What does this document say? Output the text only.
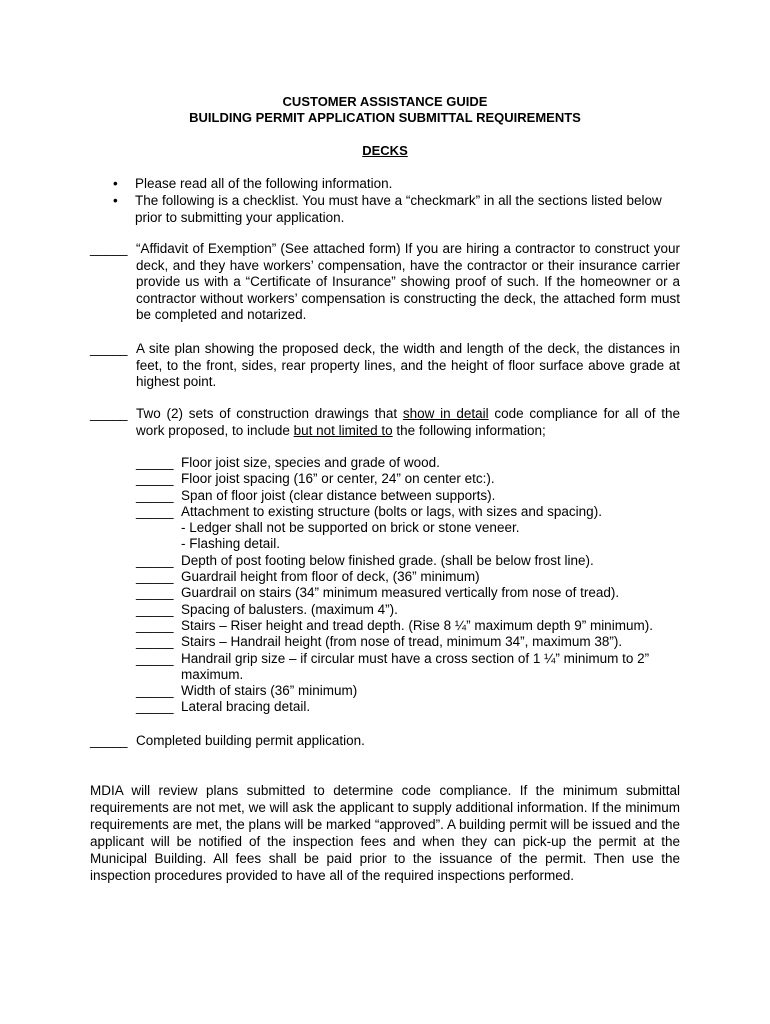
CUSTOMER ASSISTANCE GUIDE
BUILDING PERMIT APPLICATION SUBMITTAL REQUIREMENTS
DECKS
•	Please read all of the following information.
•	The following is a checklist. You must have a “checkmark” in all the sections listed below prior to submitting your application.
_____ “Affidavit of Exemption” (See attached form) If you are hiring a contractor to construct your deck, and they have workers’ compensation, have the contractor or their insurance carrier provide us with a “Certificate of Insurance” showing proof of such. If the homeowner or a contractor without workers’ compensation is constructing the deck, the attached form must be completed and notarized.
_____ A site plan showing the proposed deck, the width and length of the deck, the distances in feet, to the front, sides, rear property lines, and the height of floor surface above grade at highest point.
_____ Two (2) sets of construction drawings that show in detail code compliance for all of the work proposed, to include but not limited to the following information;
_____ Floor joist size, species and grade of wood.
_____ Floor joist spacing (16” or center, 24” on center etc:).
_____ Span of floor joist (clear distance between supports).
_____ Attachment to existing structure (bolts or lags, with sizes and spacing).
- Ledger shall not be supported on brick or stone veneer.
- Flashing detail.
_____ Depth of post footing below finished grade. (shall be below frost line).
_____ Guardrail height from floor of deck, (36” minimum)
_____ Guardrail on stairs (34” minimum measured vertically from nose of tread).
_____ Spacing of balusters. (maximum 4”).
_____ Stairs – Riser height and tread depth. (Rise 8 ¼” maximum depth 9” minimum).
_____ Stairs – Handrail height (from nose of tread, minimum 34”, maximum 38”).
_____ Handrail grip size – if circular must have a cross section of 1 ¼” minimum to 2” maximum.
_____ Width of stairs (36” minimum)
_____ Lateral bracing detail.
_____ Completed building permit application.
MDIA will review plans submitted to determine code compliance. If the minimum submittal requirements are not met, we will ask the applicant to supply additional information. If the minimum requirements are met, the plans will be marked “approved”. A building permit will be issued and the applicant will be notified of the inspection fees and when they can pick-up the permit at the Municipal Building. All fees shall be paid prior to the issuance of the permit. Then use the inspection procedures provided to have all of the required inspections performed.
